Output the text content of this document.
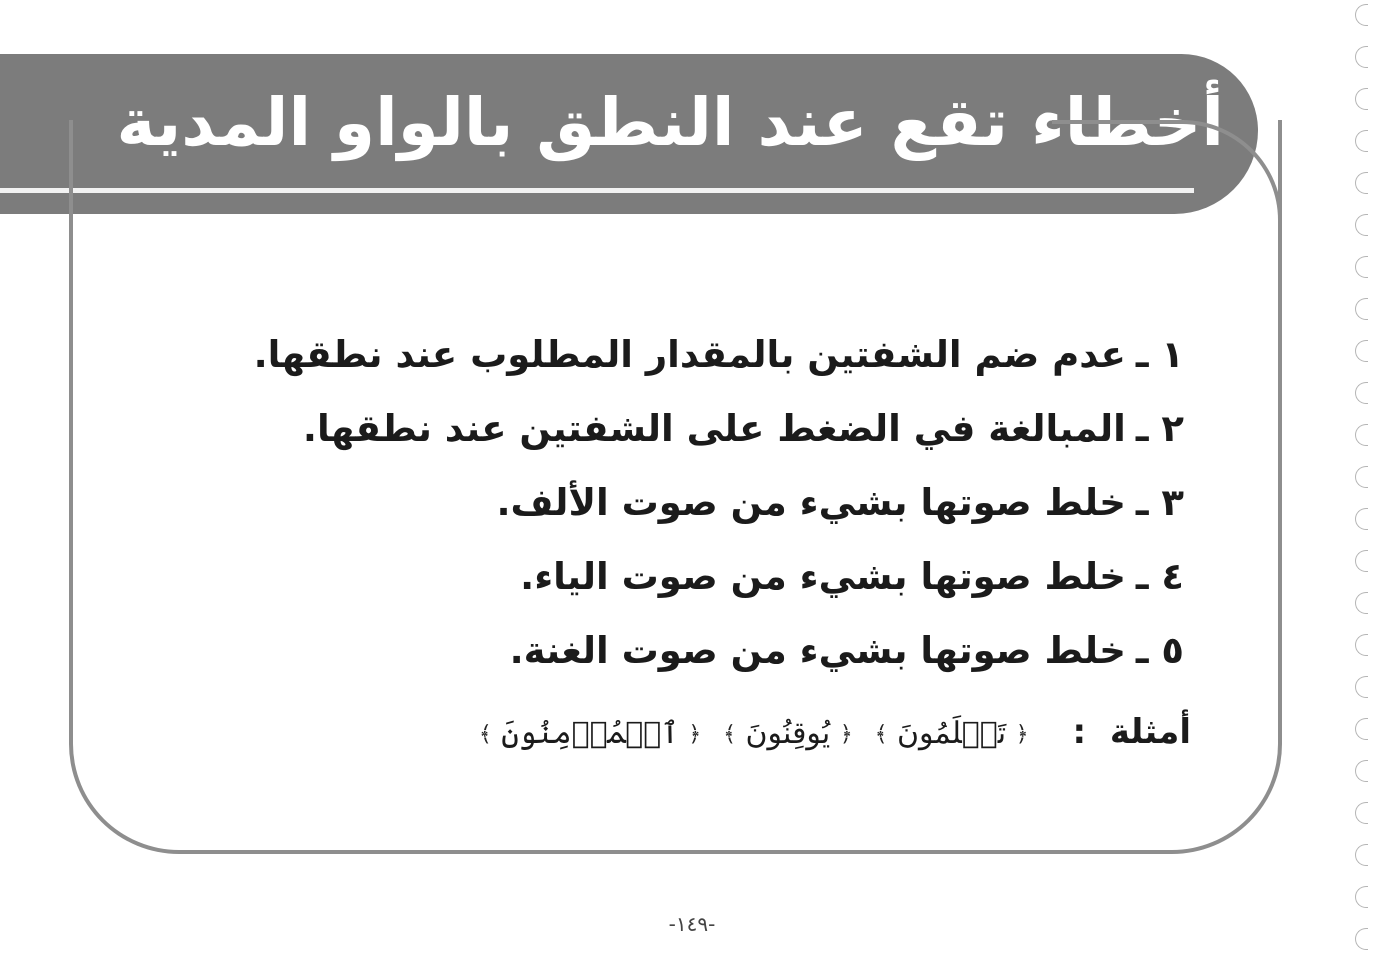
أخطاء تقع عند النطق بالواو المدية
١ ـعدم ضم الشفتين بالمقدار المطلوب عند نطقها.
٢ ـالمبالغة في الضغط على الشفتين عند نطقها.
٣ ـخلط صوتها بشيء من صوت الألف.
٤ ـخلط صوتها بشيء من صوت الياء.
٥ ـخلط صوتها بشيء من صوت الغنة.
أمثلة : ﴿ تَعۡلَمُونَ ﴾ ﴿ يُوقِنُونَ ﴾ ﴿ ٱلۡمُؤۡمِنُونَ ﴾
-١٤٩-
